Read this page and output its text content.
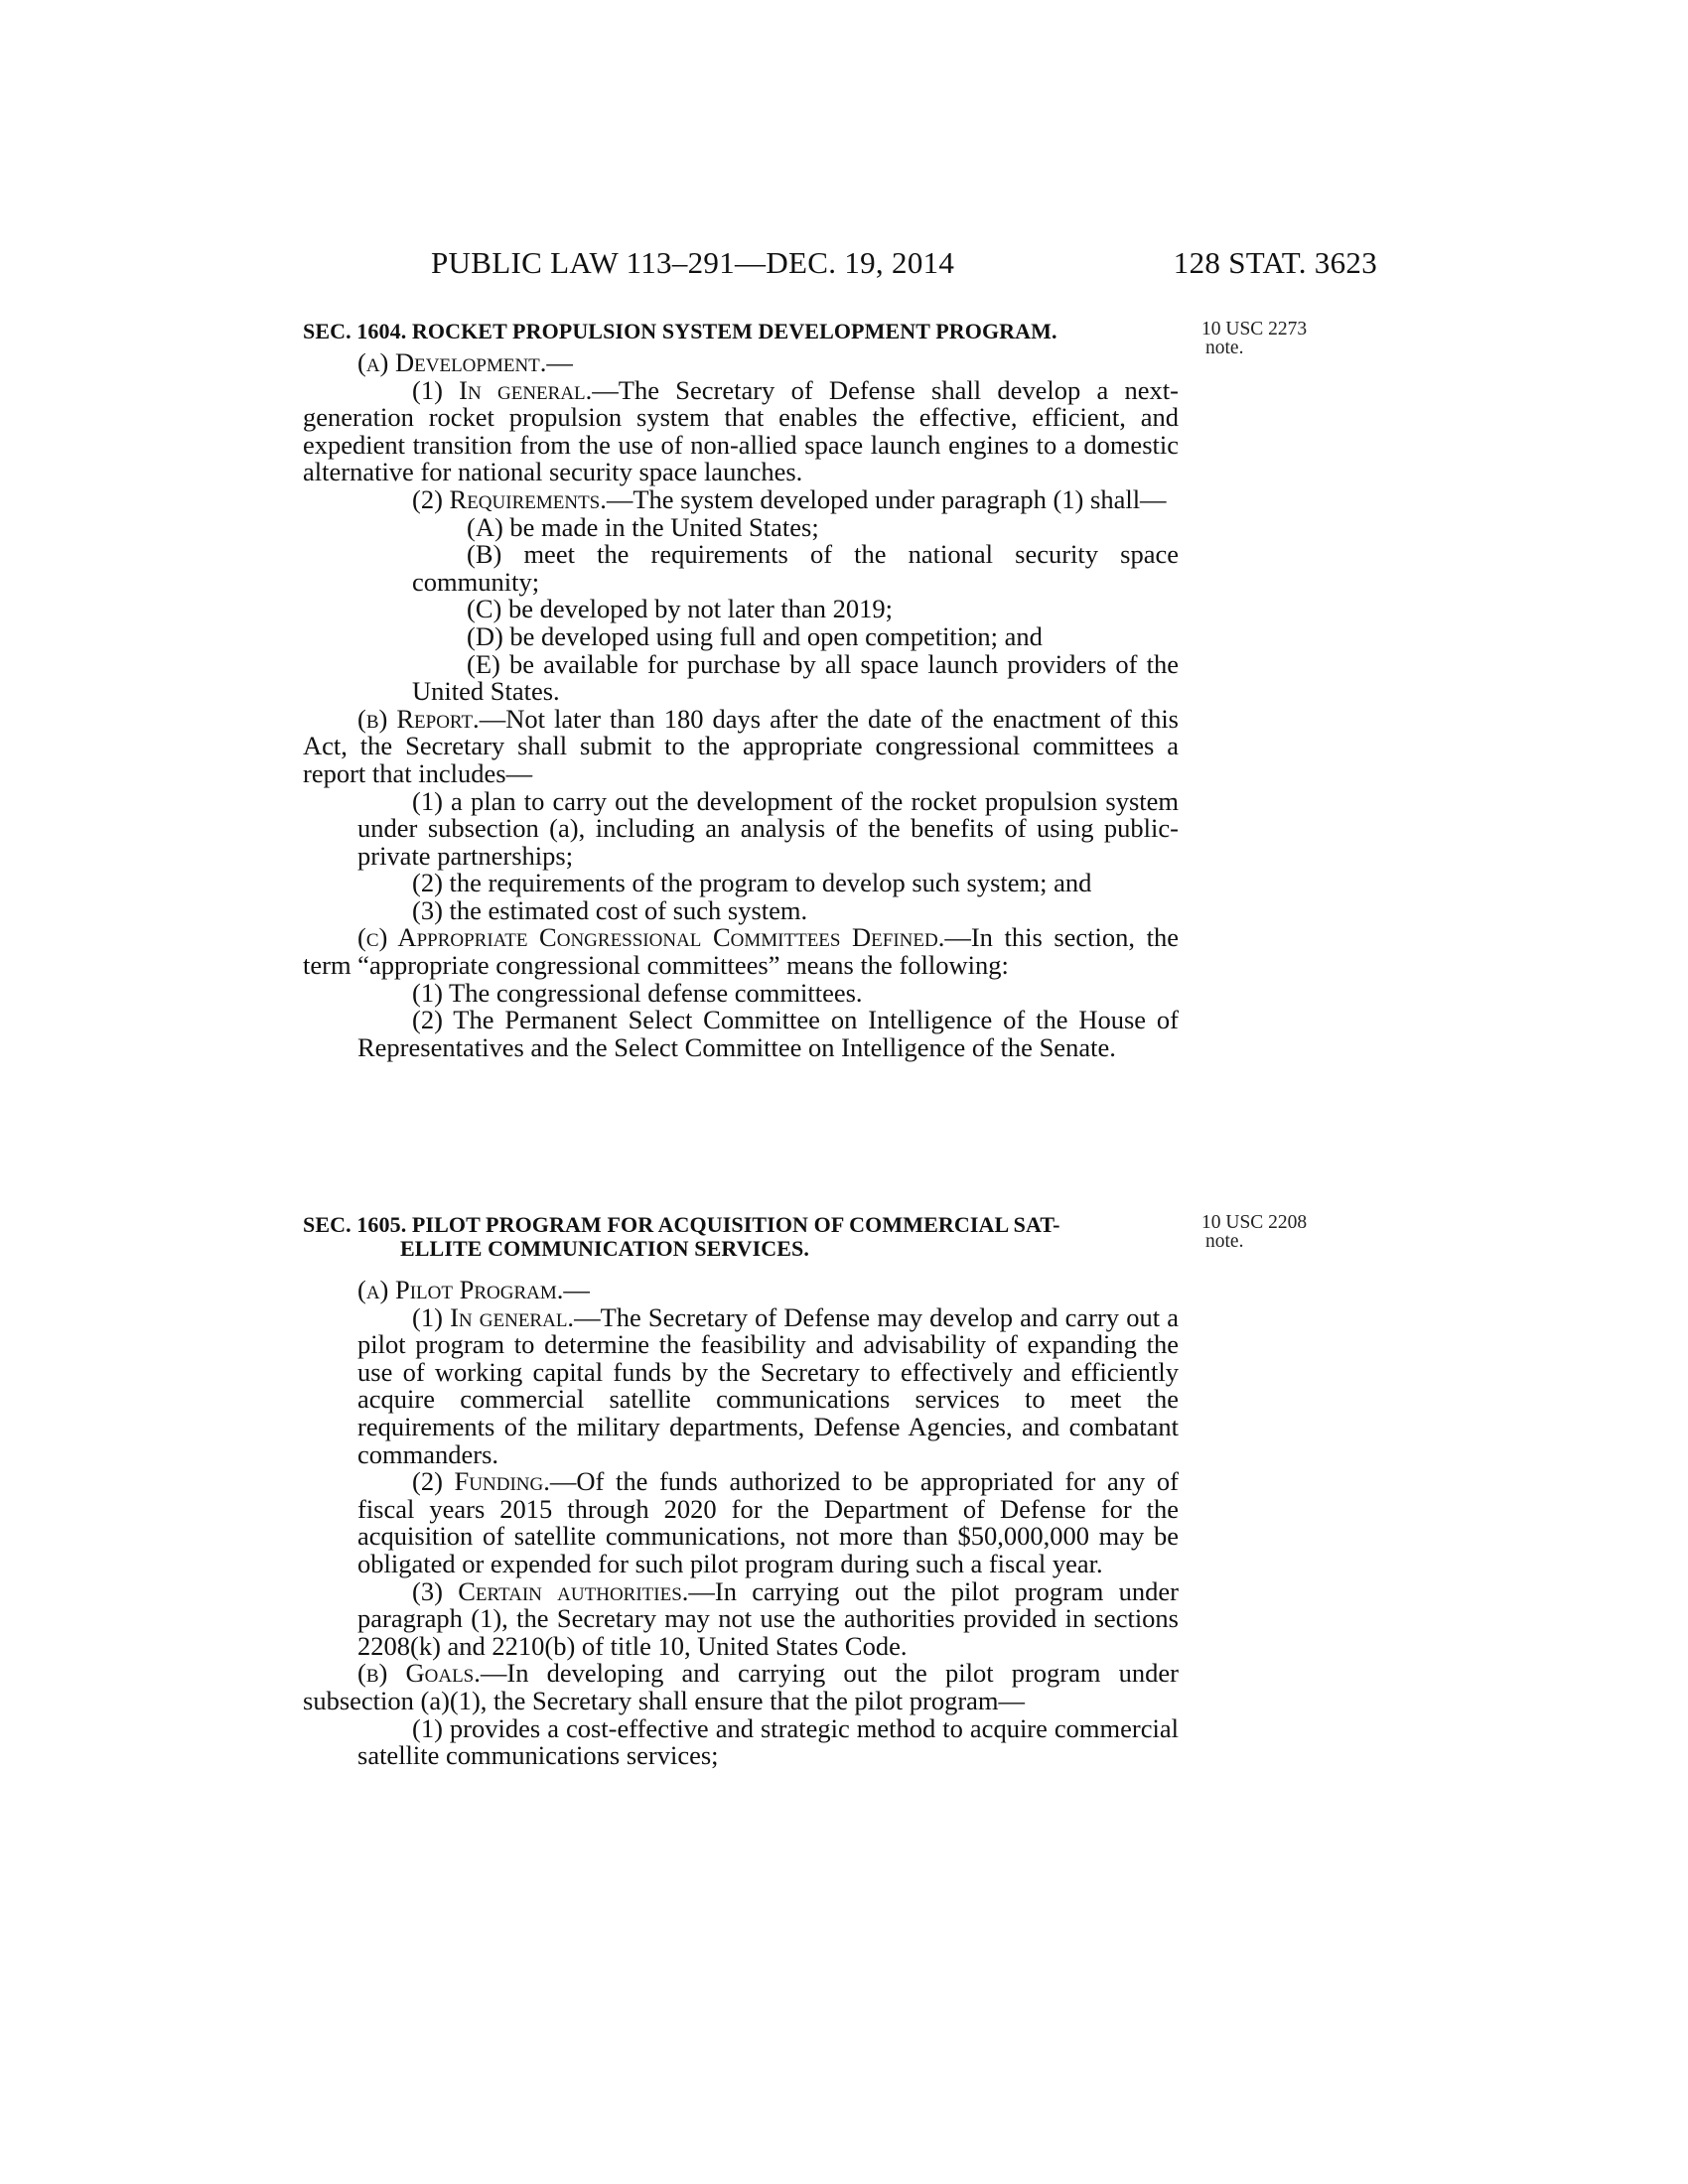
PUBLIC LAW 113–291—DEC. 19, 2014	128 STAT. 3623
10 USC 2273
note.

SEC. 1604. ROCKET PROPULSION SYSTEM DEVELOPMENT PROGRAM.

(a) Development.—

(1) In general.—The Secretary of Defense shall develop a next-generation rocket propulsion system that enables the effective, efficient, and expedient transition from the use of non-allied space launch engines to a domestic alternative for national security space launches.

(2) Requirements.—The system developed under paragraph (1) shall—

(A) be made in the United States;

(B) meet the requirements of the national security space community;

(C) be developed by not later than 2019;

(D) be developed using full and open competition; and

(E) be available for purchase by all space launch providers of the United States.

(b) Report.—Not later than 180 days after the date of the enactment of this Act, the Secretary shall submit to the appropriate congressional committees a report that includes—

(1) a plan to carry out the development of the rocket propulsion system under subsection (a), including an analysis of the benefits of using public-private partnerships;

(2) the requirements of the program to develop such system; and

(3) the estimated cost of such system.

(c) Appropriate Congressional Committees Defined.—In this section, the term “appropriate congressional committees” means the following:

(1) The congressional defense committees.

(2) The Permanent Select Committee on Intelligence of the House of Representatives and the Select Committee on Intelligence of the Senate.

10 USC 2208
note.

SEC. 1605. PILOT PROGRAM FOR ACQUISITION OF COMMERCIAL SAT-
ELLITE COMMUNICATION SERVICES.

(a) Pilot Program.—

(1) In general.—The Secretary of Defense may develop and carry out a pilot program to determine the feasibility and advisability of expanding the use of working capital funds by the Secretary to effectively and efficiently acquire commercial satellite communications services to meet the requirements of the military departments, Defense Agencies, and combatant commanders.

(2) Funding.—Of the funds authorized to be appropriated for any of fiscal years 2015 through 2020 for the Department of Defense for the acquisition of satellite communications, not more than $50,000,000 may be obligated or expended for such pilot program during such a fiscal year.

(3) Certain authorities.—In carrying out the pilot program under paragraph (1), the Secretary may not use the authorities provided in sections 2208(k) and 2210(b) of title 10, United States Code.

(b) Goals.—In developing and carrying out the pilot program under subsection (a)(1), the Secretary shall ensure that the pilot program—

(1) provides a cost-effective and strategic method to acquire commercial satellite communications services;
